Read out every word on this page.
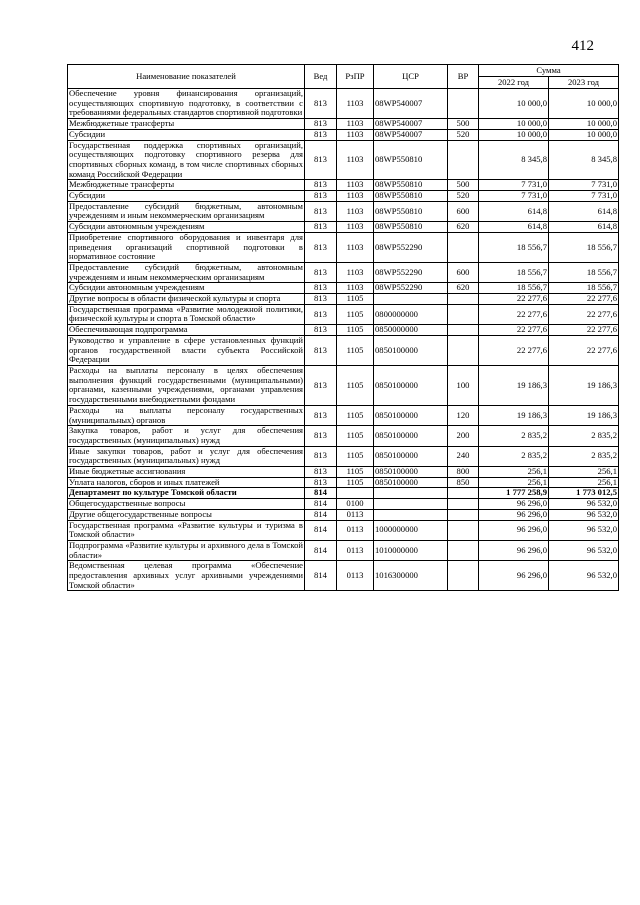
412
Наименование показателей	Вед	РзПР	ЦСР	ВР	Сумма	
					2022 год	2023 год
Обеспечение уровня финансирования организаций, осуществляющих спортивную подготовку, в соответствии с требованиями федеральных стандартов спортивной подготовки	813	1103	08WP540007		10 000,0	10 000,0
Межбюджетные трансферты	813	1103	08WP540007	500	10 000,0	10 000,0
Субсидии	813	1103	08WP540007	520	10 000,0	10 000,0
Государственная поддержка спортивных организаций, осуществляющих подготовку спортивного резерва для спортивных сборных команд, в том числе спортивных сборных команд Российской Федерации	813	1103	08WP550810		8 345,8	8 345,8
Межбюджетные трансферты	813	1103	08WP550810	500	7 731,0	7 731,0
Субсидии	813	1103	08WP550810	520	7 731,0	7 731,0
Предоставление субсидий бюджетным, автономным учреждениям и иным некоммерческим организациям	813	1103	08WP550810	600	614,8	614,8
Субсидии автономным учреждениям	813	1103	08WP550810	620	614,8	614,8
Приобретение спортивного оборудования и инвентаря для приведения организаций спортивной подготовки в нормативное состояние	813	1103	08WP552290		18 556,7	18 556,7
Предоставление субсидий бюджетным, автономным учреждениям и иным некоммерческим организациям	813	1103	08WP552290	600	18 556,7	18 556,7
Субсидии автономным учреждениям	813	1103	08WP552290	620	18 556,7	18 556,7
Другие вопросы в области физической культуры и спорта	813	1105			22 277,6	22 277,6
Государственная программа «Развитие молодежной политики, физической культуры и спорта в Томской области»	813	1105	0800000000		22 277,6	22 277,6
Обеспечивающая подпрограмма	813	1105	0850000000		22 277,6	22 277,6
Руководство и управление в сфере установленных функций органов государственной власти субъекта Российской Федерации	813	1105	0850100000		22 277,6	22 277,6
Расходы на выплаты персоналу в целях обеспечения выполнения функций государственными (муниципальными) органами, казенными учреждениями, органами управления государственными внебюджетными фондами	813	1105	0850100000	100	19 186,3	19 186,3
Расходы на выплаты персоналу государственных (муниципальных) органов	813	1105	0850100000	120	19 186,3	19 186,3
Закупка товаров, работ и услуг для обеспечения государственных (муниципальных) нужд	813	1105	0850100000	200	2 835,2	2 835,2
Иные закупки товаров, работ и услуг для обеспечения государственных (муниципальных) нужд	813	1105	0850100000	240	2 835,2	2 835,2
Иные бюджетные ассигнования	813	1105	0850100000	800	256,1	256,1
Уплата налогов, сборов и иных платежей	813	1105	0850100000	850	256,1	256,1
Департамент по культуре Томской области	814				1 777 258,9	1 773 012,5
Общегосударственные вопросы	814	0100			96 296,0	96 532,0
Другие общегосударственные вопросы	814	0113			96 296,0	96 532,0
Государственная программа «Развитие культуры и туризма в Томской области»	814	0113	1000000000		96 296,0	96 532,0
Подпрограмма «Развитие культуры и архивного дела в Томской области»	814	0113	1010000000		96 296,0	96 532,0
Ведомственная целевая программа «Обеспечение предоставления архивных услуг архивными учреждениями Томской области»	814	0113	1016300000		96 296,0	96 532,0
